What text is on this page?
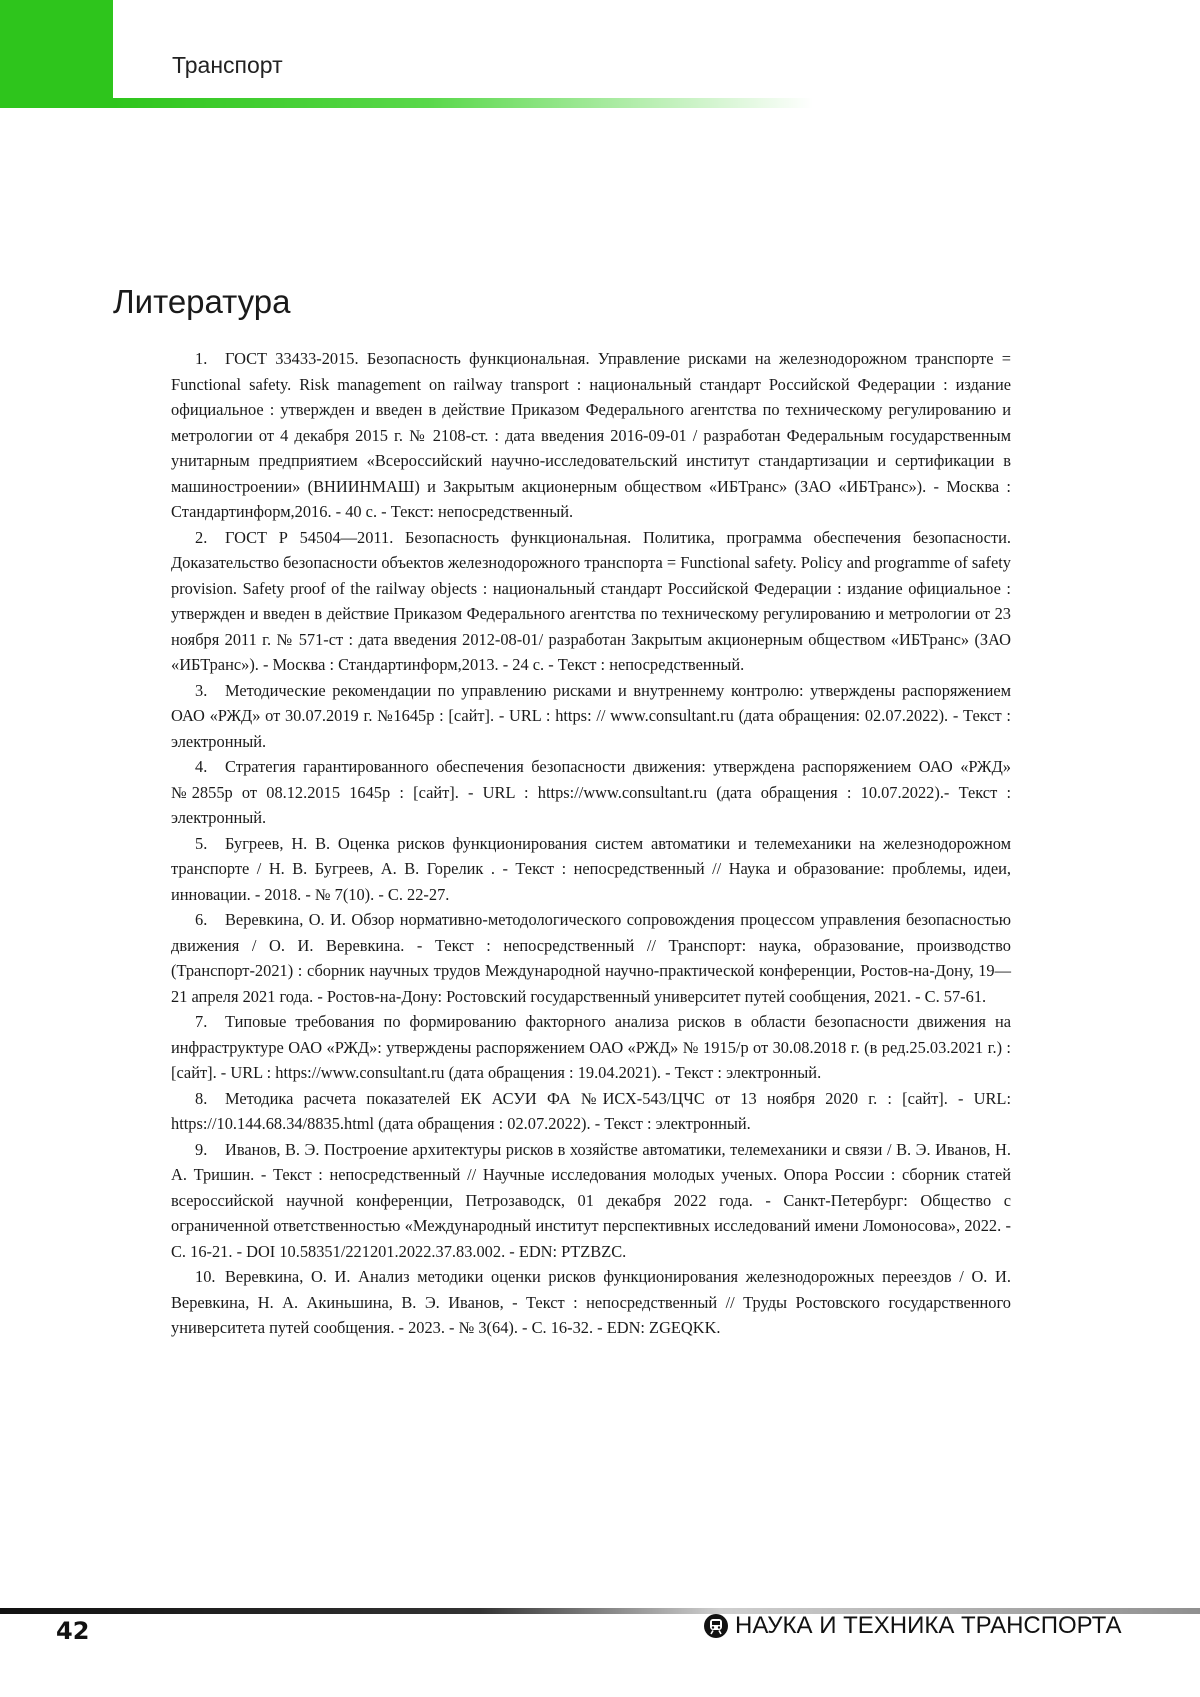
Транспорт
Литература

1. ГОСТ 33433-2015. Безопасность функциональная. Управление рисками на железнодорожном транспорте = Functional safety. Risk management on railway transport : национальный стандарт Российской Федерации : издание официальное : утвержден и введен в действие Приказом Федерального агентства по техническому регулированию и метрологии от 4 декабря 2015 г. № 2108-ст. : дата введения 2016-09-01 / разработан Федеральным государственным унитарным предприятием «Всероссийский научно-исследовательский институт стандартизации и сертификации в машиностроении» (ВНИИНМАШ) и Закрытым акционерным обществом «ИБТранс» (ЗАО «ИБТранс»). - Москва : Стандартинформ,2016. - 40 с. - Текст: непосредственный.

2. ГОСТ Р 54504—2011. Безопасность функциональная. Политика, программа обеспечения безопасности. Доказательство безопасности объектов железнодорожного транспорта = Functional safety. Policy and programme of safety provision. Safety proof of the railway objects : национальный стандарт Российской Федерации : издание официальное : утвержден и введен в действие Приказом Федерального агентства по техническому регулированию и метрологии от 23 ноября 2011 г. № 571-ст : дата введения 2012-08-01/ разработан Закрытым акционерным обществом «ИБТранс» (ЗАО «ИБТранс»). - Москва : Стандартинформ,2013. - 24 с. - Текст : непосредственный.

3. Методические рекомендации по управлению рисками и внутреннему контролю: утверждены распоряжением ОАО «РЖД» от 30.07.2019 г. №1645р : [сайт]. - URL : https: // www.consultant.ru (дата обращения: 02.07.2022). - Текст : электронный.

4. Стратегия гарантированного обеспечения безопасности движения: утверждена распоряжением ОАО «РЖД» №2855р от 08.12.2015 1645р : [сайт]. - URL : https://www.consultant.ru (дата обращения : 10.07.2022).- Текст : электронный.

5. Бугреев, Н. В. Оценка рисков функционирования систем автоматики и телемеханики на железнодорожном транспорте / Н. В. Бугреев, А. В. Горелик . - Текст : непосредственный // Наука и образование: проблемы, идеи, инновации. - 2018. - № 7(10). - С. 22-27.

6. Веревкина, О. И. Обзор нормативно-методологического сопровождения процессом управления безопасностью движения / О. И. Веревкина. - Текст : непосредственный // Транспорт: наука, образование, производство (Транспорт-2021) : сборник научных трудов Международной научно-практической конференции, Ростов-на-Дону, 19—21 апреля 2021 года. - Ростов-на-Дону: Ростовский государственный университет путей сообщения, 2021. - С. 57-61.

7. Типовые требования по формированию факторного анализа рисков в области безопасности движения на инфраструктуре ОАО «РЖД»: утверждены распоряжением ОАО «РЖД» № 1915/р от 30.08.2018 г. (в ред.25.03.2021 г.) : [сайт]. - URL : https://www.consultant.ru (дата обращения : 19.04.2021). - Текст : электронный.

8. Методика расчета показателей ЕК АСУИ ФА №ИСХ-543/ЦЧС от 13 ноября 2020 г. : [сайт]. - URL: https://10.144.68.34/8835.html (дата обращения : 02.07.2022). - Текст : электронный.

9. Иванов, В. Э. Построение архитектуры рисков в хозяйстве автоматики, телемеханики и связи / В. Э. Иванов, Н. А. Тришин. - Текст : непосредственный // Научные исследования молодых ученых. Опора России : сборник статей всероссийской научной конференции, Петрозаводск, 01 декабря 2022 года. - Санкт-Петербург: Общество с ограниченной ответственностью «Международный институт перспективных исследований имени Ломоносова», 2022. - С. 16-21. - DOI 10.58351/221201.2022.37.83.002. - EDN: PTZBZC.

10. Веревкина, О. И. Анализ методики оценки рисков функционирования железнодорожных переездов / О. И. Веревкина, Н. А. Акиньшина, В. Э. Иванов, - Текст : непосредственный // Труды Ростовского государственного университета путей сообщения. - 2023. - № 3(64). - С. 16-32. - EDN: ZGEQKK.

42	НАУКА И ТЕХНИКА ТРАНСПОРТА
